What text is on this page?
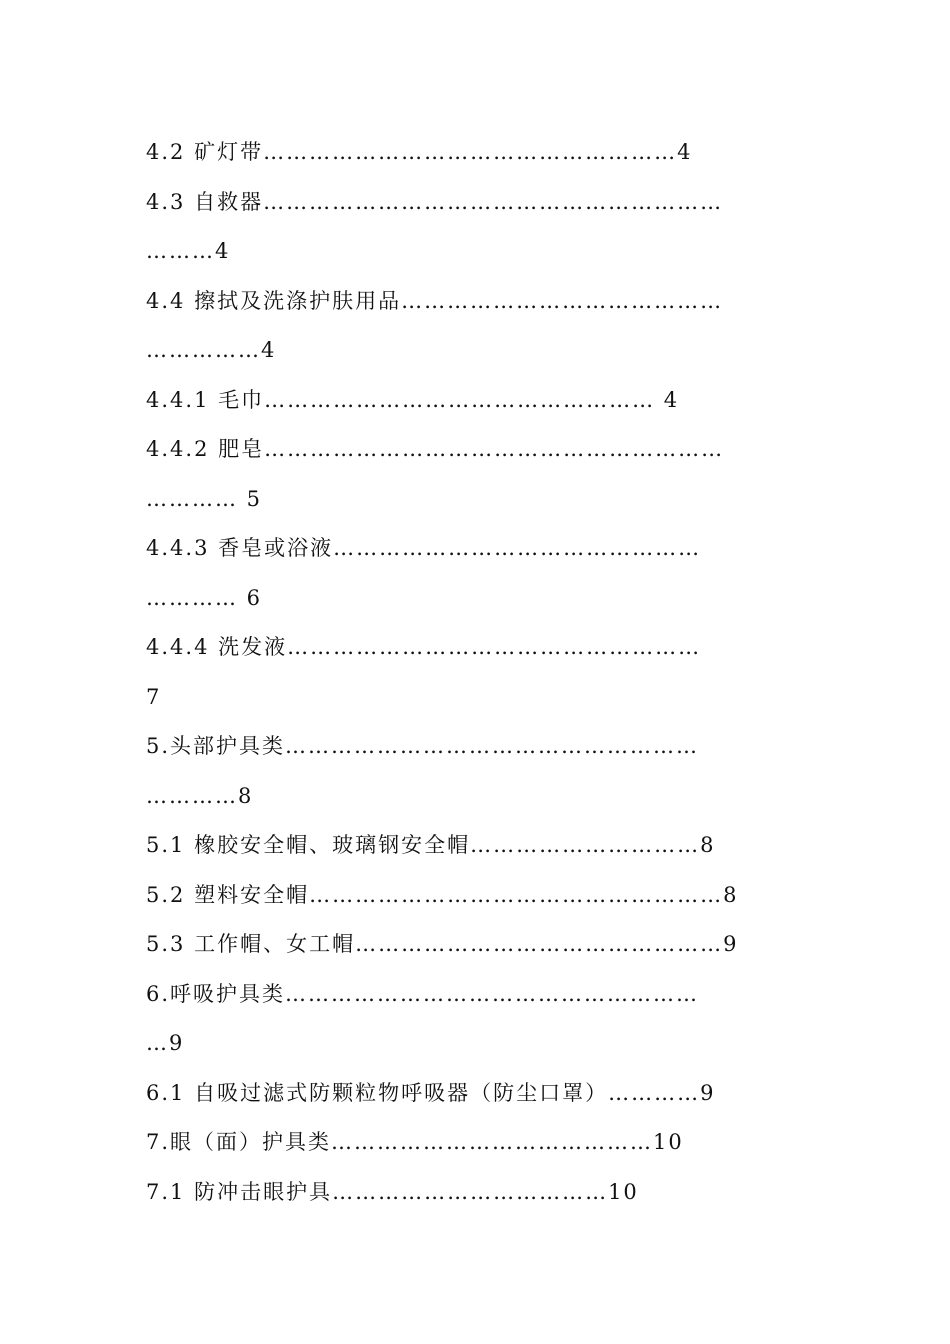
4.2 矿灯带………………………………………………4
4.3 自救器……………………………………………………
………4
4.4 擦拭及洗涤护肤用品……………………………………
……………4
4.4.1 毛巾…………………………………………… 4
4.4.2 肥皂……………………………………………………
………… 5
4.4.3 香皂或浴液…………………………………………
………… 6
4.4.4 洗发液………………………………………………
7
5.头部护具类………………………………………………
…………8
5.1 橡胶安全帽、玻璃钢安全帽…………………………8
5.2 塑料安全帽………………………………………………8
5.3 工作帽、女工帽…………………………………………9
6.呼吸护具类………………………………………………
…9
6.1 自吸过滤式防颗粒物呼吸器（防尘口罩）…………9
7.眼（面）护具类……………………………………10
7.1 防冲击眼护具………………………………10
